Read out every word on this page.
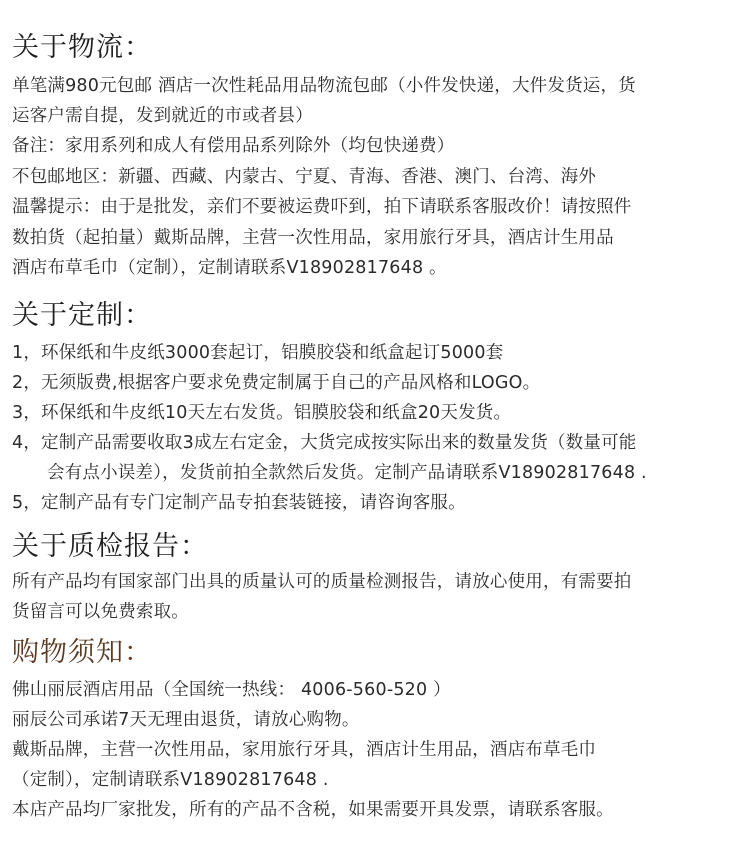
关于物流：
单笔满980元包邮 酒店一次性耗品用品物流包邮（小件发快递，大件发货运，货
运客户需自提，发到就近的市或者县）
备注：家用系列和成人有偿用品系列除外（均包快递费）
不包邮地区：新疆、西藏、内蒙古、宁夏、青海、香港、澳门、台湾、海外
温馨提示：由于是批发，亲们不要被运费吓到，拍下请联系客服改价！请按照件
数拍货（起拍量）戴斯品牌，主营一次性用品，家用旅行牙具，酒店计生用品
酒店布草毛巾（定制），定制请联系V18902817648 。
关于定制：
1，环保纸和牛皮纸3000套起订，铝膜胶袋和纸盒起订5000套
2，无须版费,根据客户要求免费定制属于自己的产品风格和LOGO。
3，环保纸和牛皮纸10天左右发货。铝膜胶袋和纸盒20天发货。
4，定制产品需要收取3成左右定金，大货完成按实际出来的数量发货（数量可能
会有点小误差），发货前拍全款然后发货。定制产品请联系V18902817648 .
5，定制产品有专门定制产品专拍套装链接，请咨询客服。
关于质检报告：
所有产品均有国家部门出具的质量认可的质量检测报告，请放心使用，有需要拍
货留言可以免费索取。
购物须知：
佛山丽辰酒店用品（全国统一热线： 4006-560-520 ）
丽辰公司承诺7天无理由退货，请放心购物。
戴斯品牌，主营一次性用品，家用旅行牙具，酒店计生用品，酒店布草毛巾
（定制），定制请联系V18902817648 .
本店产品均厂家批发，所有的产品不含税，如果需要开具发票，请联系客服。
